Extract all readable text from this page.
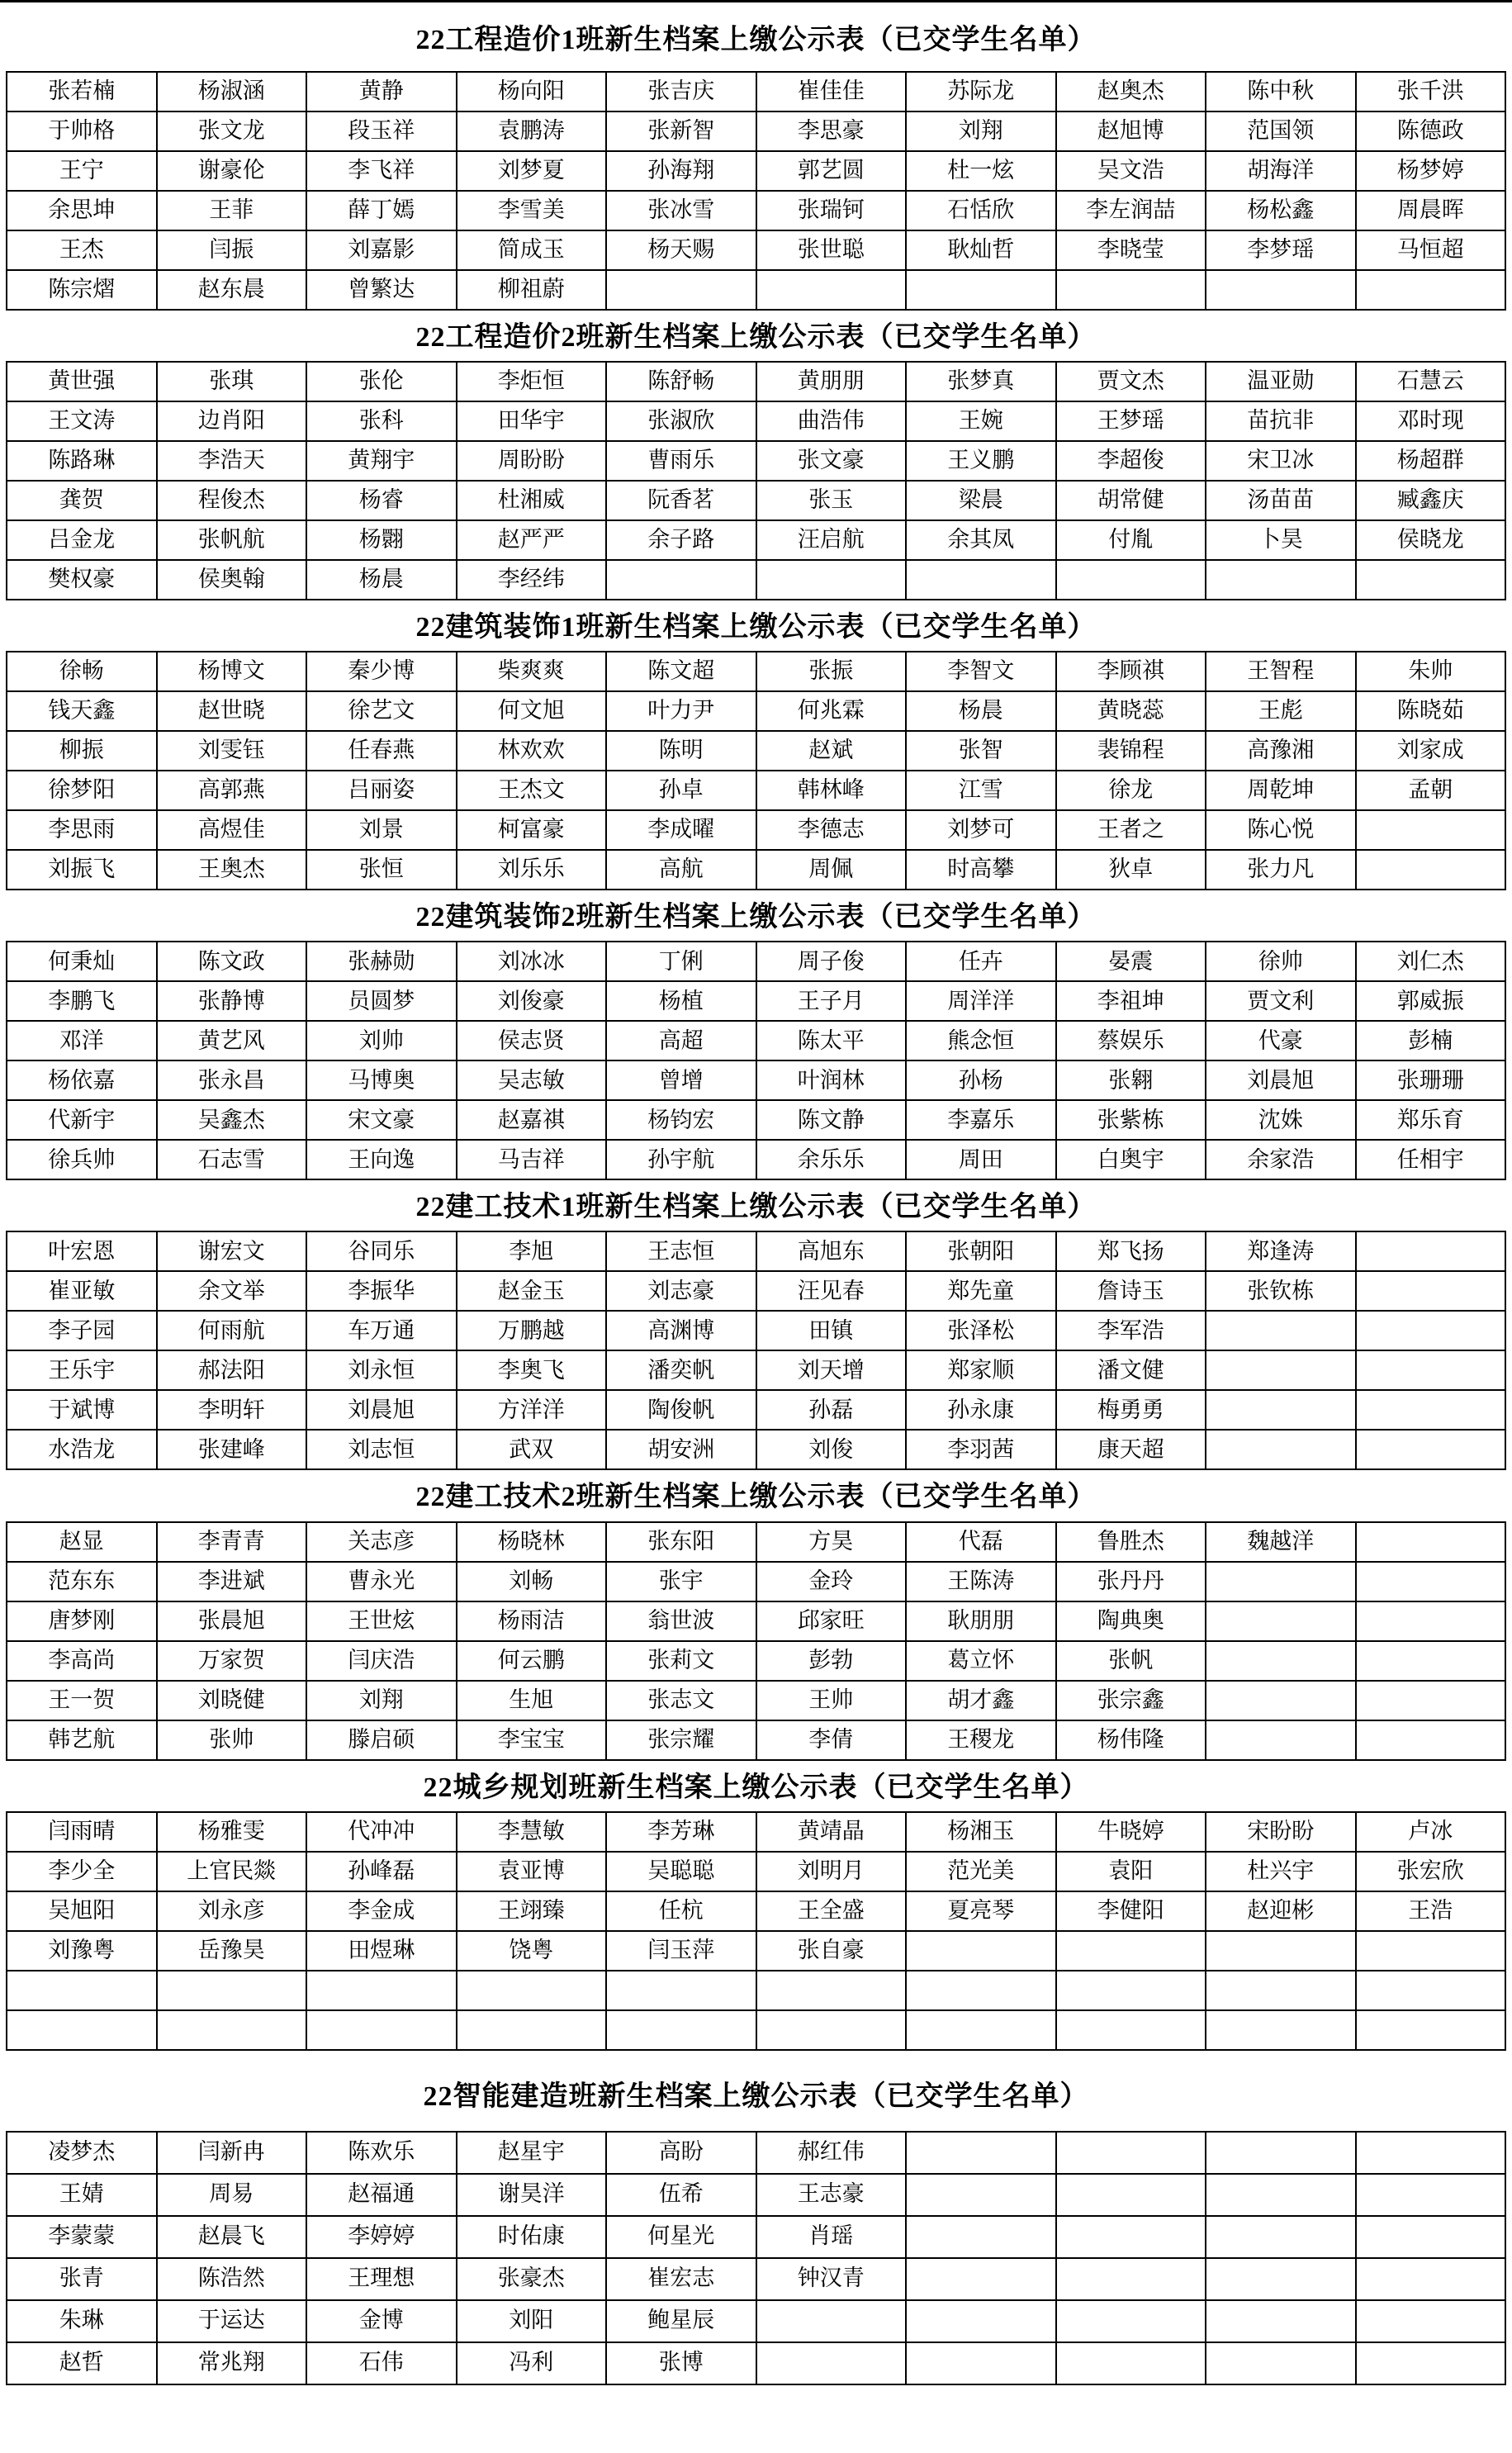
22工程造价1班新生档案上缴公示表（已交学生名单）
张若楠	杨淑涵	黄静	杨向阳	张吉庆	崔佳佳	苏际龙	赵奥杰	陈中秋	张千洪
于帅格	张文龙	段玉祥	袁鹏涛	张新智	李思豪	刘翔	赵旭博	范国领	陈德政
王宁	谢豪伦	李飞祥	刘梦夏	孙海翔	郭艺圆	杜一炫	吴文浩	胡海洋	杨梦婷
余思坤	王菲	薛丁嫣	李雪美	张冰雪	张瑞钶	石恬欣	李左润喆	杨松鑫	周晨晖
王杰	闫振	刘嘉影	简成玉	杨天赐	张世聪	耿灿哲	李晓莹	李梦瑶	马恒超
陈宗熠	赵东晨	曾繁达	柳祖蔚						
22工程造价2班新生档案上缴公示表（已交学生名单）
黄世强	张琪	张伦	李炬恒	陈舒畅	黄朋朋	张梦真	贾文杰	温亚勋	石慧云
王文涛	边肖阳	张科	田华宇	张淑欣	曲浩伟	王婉	王梦瑶	苗抗非	邓时现
陈路琳	李浩天	黄翔宇	周盼盼	曹雨乐	张文豪	王义鹏	李超俊	宋卫冰	杨超群
龚贺	程俊杰	杨睿	杜湘威	阮香茗	张玉	梁晨	胡常健	汤苗苗	臧鑫庆
吕金龙	张帆航	杨翾	赵严严	余子路	汪启航	余其凤	付胤	卜昊	侯晓龙
樊权豪	侯奥翰	杨晨	李经纬						
22建筑装饰1班新生档案上缴公示表（已交学生名单）
徐畅	杨博文	秦少博	柴爽爽	陈文超	张振	李智文	李顾祺	王智程	朱帅
钱天鑫	赵世晓	徐艺文	何文旭	叶力尹	何兆霖	杨晨	黄晓蕊	王彪	陈晓茹
柳振	刘雯钰	任春燕	林欢欢	陈明	赵斌	张智	裴锦程	高豫湘	刘家成
徐梦阳	高郭燕	吕丽姿	王杰文	孙卓	韩林峰	江雪	徐龙	周乾坤	孟朝
李思雨	高煜佳	刘景	柯富豪	李成曜	李德志	刘梦可	王者之	陈心悦	
刘振飞	王奥杰	张恒	刘乐乐	高航	周佩	时高攀	狄卓	张力凡	
22建筑装饰2班新生档案上缴公示表（已交学生名单）
何秉灿	陈文政	张赫勋	刘冰冰	丁俐	周子俊	任卉	晏震	徐帅	刘仁杰
李鹏飞	张静博	员圆梦	刘俊豪	杨植	王子月	周洋洋	李祖坤	贾文利	郭威振
邓洋	黄艺风	刘帅	侯志贤	高超	陈太平	熊念恒	蔡娱乐	代豪	彭楠
杨依嘉	张永昌	马博奥	吴志敏	曾增	叶润林	孙杨	张翱	刘晨旭	张珊珊
代新宇	吴鑫杰	宋文豪	赵嘉祺	杨钧宏	陈文静	李嘉乐	张紫栋	沈姝	郑乐育
徐兵帅	石志雪	王向逸	马吉祥	孙宇航	余乐乐	周田	白奥宇	余家浩	任相宇
22建工技术1班新生档案上缴公示表（已交学生名单）
叶宏恩	谢宏文	谷同乐	李旭	王志恒	高旭东	张朝阳	郑飞扬	郑逢涛	
崔亚敏	余文举	李振华	赵金玉	刘志豪	汪见春	郑先童	詹诗玉	张钦栋	
李子园	何雨航	车万通	万鹏越	高渊博	田镇	张泽松	李军浩		
王乐宇	郝法阳	刘永恒	李奥飞	潘奕帆	刘天增	郑家顺	潘文健		
于斌博	李明轩	刘晨旭	方洋洋	陶俊帆	孙磊	孙永康	梅勇勇		
水浩龙	张建峰	刘志恒	武双	胡安洲	刘俊	李羽茜	康天超		
22建工技术2班新生档案上缴公示表（已交学生名单）
赵显	李青青	关志彦	杨晓林	张东阳	方昊	代磊	鲁胜杰	魏越洋	
范东东	李进斌	曹永光	刘畅	张宇	金玲	王陈涛	张丹丹		
唐梦刚	张晨旭	王世炫	杨雨洁	翁世波	邱家旺	耿朋朋	陶典奥		
李高尚	万家贺	闫庆浩	何云鹏	张莉文	彭勃	葛立怀	张帆		
王一贺	刘晓健	刘翔	生旭	张志文	王帅	胡才鑫	张宗鑫		
韩艺航	张帅	滕启硕	李宝宝	张宗耀	李倩	王稷龙	杨伟隆		
22城乡规划班新生档案上缴公示表（已交学生名单）
闫雨晴	杨雅雯	代冲冲	李慧敏	李芳琳	黄靖晶	杨湘玉	牛晓婷	宋盼盼	卢冰
李少全	上官民燚	孙峰磊	袁亚博	吴聪聪	刘明月	范光美	袁阳	杜兴宇	张宏欣
吴旭阳	刘永彦	李金成	王翊臻	任杭	王全盛	夏亮琴	李健阳	赵迎彬	王浩
刘豫粤	岳豫昊	田煜琳	饶粤	闫玉萍	张自豪				

22智能建造班新生档案上缴公示表（已交学生名单）
凌梦杰	闫新冉	陈欢乐	赵星宇	高盼	郝红伟				
王婧	周易	赵福通	谢昊洋	伍希	王志豪				
李蒙蒙	赵晨飞	李婷婷	时佑康	何星光	肖瑶				
张青	陈浩然	王理想	张豪杰	崔宏志	钟汉青				
朱琳	于运达	金博	刘阳	鲍星辰					
赵哲	常兆翔	石伟	冯利	张博					
